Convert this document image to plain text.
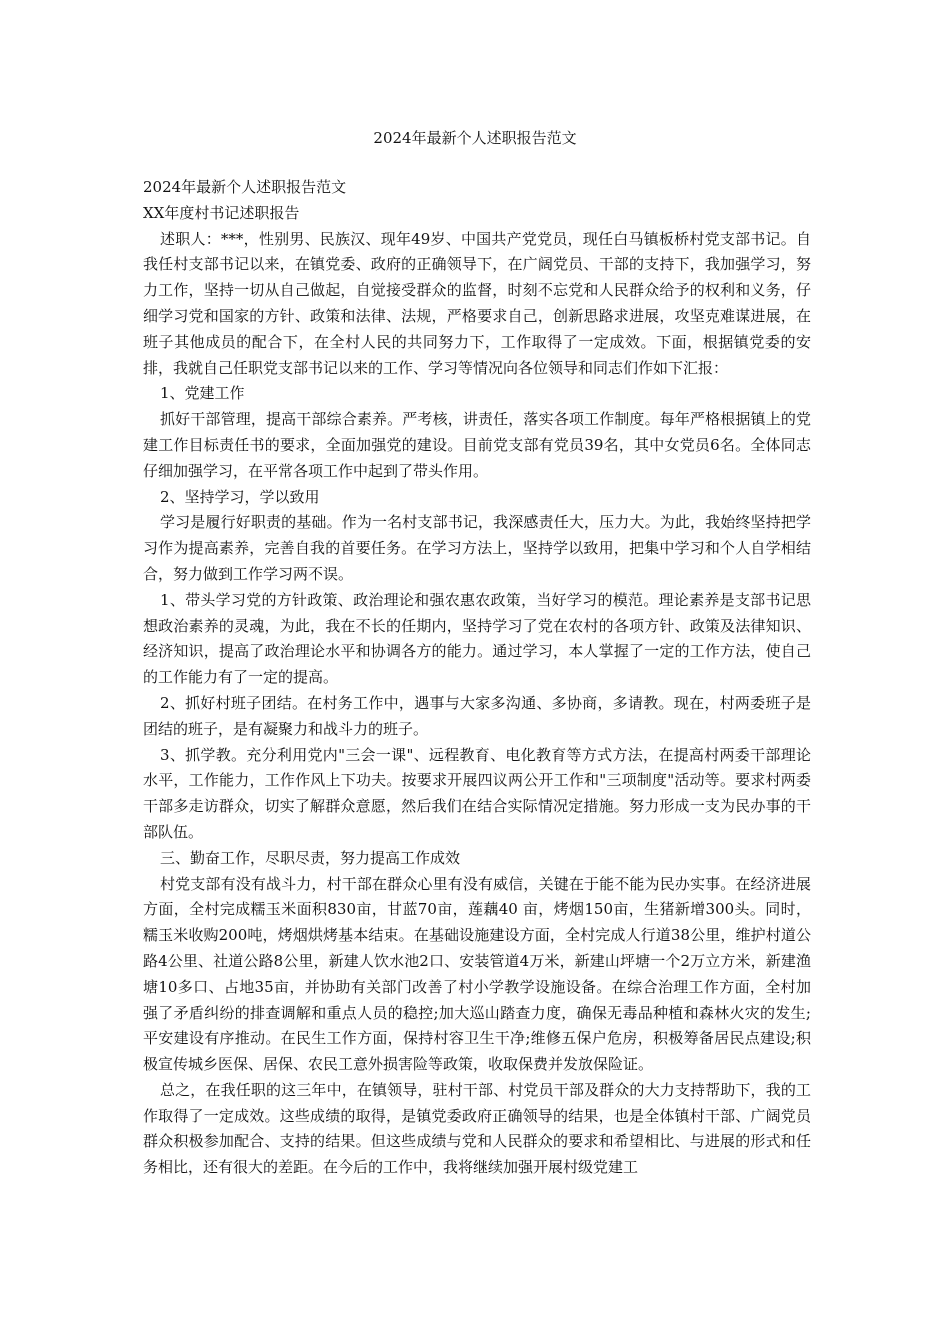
2024年最新个人述职报告范文

2024年最新个人述职报告范文

XX年度村书记述职报告

述职人：***，性别男、民族汉、现年49岁、中国共产党党员，现任白马镇板桥村党支部书记。自我任村支部书记以来，在镇党委、政府的正确领导下，在广阔党员、干部的支持下，我加强学习，努力工作，坚持一切从自己做起，自觉接受群众的监督，时刻不忘党和人民群众给予的权利和义务，仔细学习党和国家的方针、政策和法律、法规，严格要求自己，创新思路求进展，攻坚克难谋进展，在班子其他成员的配合下，在全村人民的共同努力下，工作取得了一定成效。下面，根据镇党委的安排，我就自己任职党支部书记以来的工作、学习等情况向各位领导和同志们作如下汇报：

1、党建工作

抓好干部管理，提高干部综合素养。严考核，讲责任，落实各项工作制度。每年严格根据镇上的党建工作目标责任书的要求，全面加强党的建设。目前党支部有党员39名，其中女党员6名。全体同志仔细加强学习，在平常各项工作中起到了带头作用。

2、坚持学习，学以致用

学习是履行好职责的基础。作为一名村支部书记，我深感责任大，压力大。为此，我始终坚持把学习作为提高素养，完善自我的首要任务。在学习方法上，坚持学以致用，把集中学习和个人自学相结合，努力做到工作学习两不误。

1、带头学习党的方针政策、政治理论和强农惠农政策，当好学习的模范。理论素养是支部书记思想政治素养的灵魂，为此，我在不长的任期内，坚持学习了党在农村的各项方针、政策及法律知识、经济知识，提高了政治理论水平和协调各方的能力。通过学习，本人掌握了一定的工作方法，使自己的工作能力有了一定的提高。

2、抓好村班子团结。在村务工作中，遇事与大家多沟通、多协商，多请教。现在，村两委班子是团结的班子，是有凝聚力和战斗力的班子。

3、抓学教。充分利用党内"三会一课"、远程教育、电化教育等方式方法，在提高村两委干部理论水平，工作能力，工作作风上下功夫。按要求开展四议两公开工作和"三项制度"活动等。要求村两委干部多走访群众，切实了解群众意愿，然后我们在结合实际情况定措施。努力形成一支为民办事的干部队伍。

三、勤奋工作，尽职尽责，努力提高工作成效

村党支部有没有战斗力，村干部在群众心里有没有威信，关键在于能不能为民办实事。在经济进展方面，全村完成糯玉米面积830亩，甘蓝70亩，莲藕40 亩，烤烟150亩，生猪新增300头。同时，糯玉米收购200吨，烤烟烘烤基本结束。在基础设施建设方面，全村完成人行道38公里，维护村道公路4公里、社道公路8公里，新建人饮水池2口、安装管道4万米，新建山坪塘一个2万立方米，新建渔塘10多口、占地35亩，并协助有关部门改善了村小学教学设施设备。在综合治理工作方面，全村加强了矛盾纠纷的排查调解和重点人员的稳控;加大巡山踏查力度，确保无毒品种植和森林火灾的发生;平安建设有序推动。在民生工作方面，保持村容卫生干净;维修五保户危房，积极筹备居民点建设;积极宣传城乡医保、居保、农民工意外损害险等政策，收取保费并发放保险证。

总之，在我任职的这三年中，在镇领导，驻村干部、村党员干部及群众的大力支持帮助下，我的工作取得了一定成效。这些成绩的取得，是镇党委政府正确领导的结果，也是全体镇村干部、广阔党员群众积极参加配合、支持的结果。但这些成绩与党和人民群众的要求和希望相比、与进展的形式和任务相比，还有很大的差距。在今后的工作中，我将继续加强开展村级党建工
